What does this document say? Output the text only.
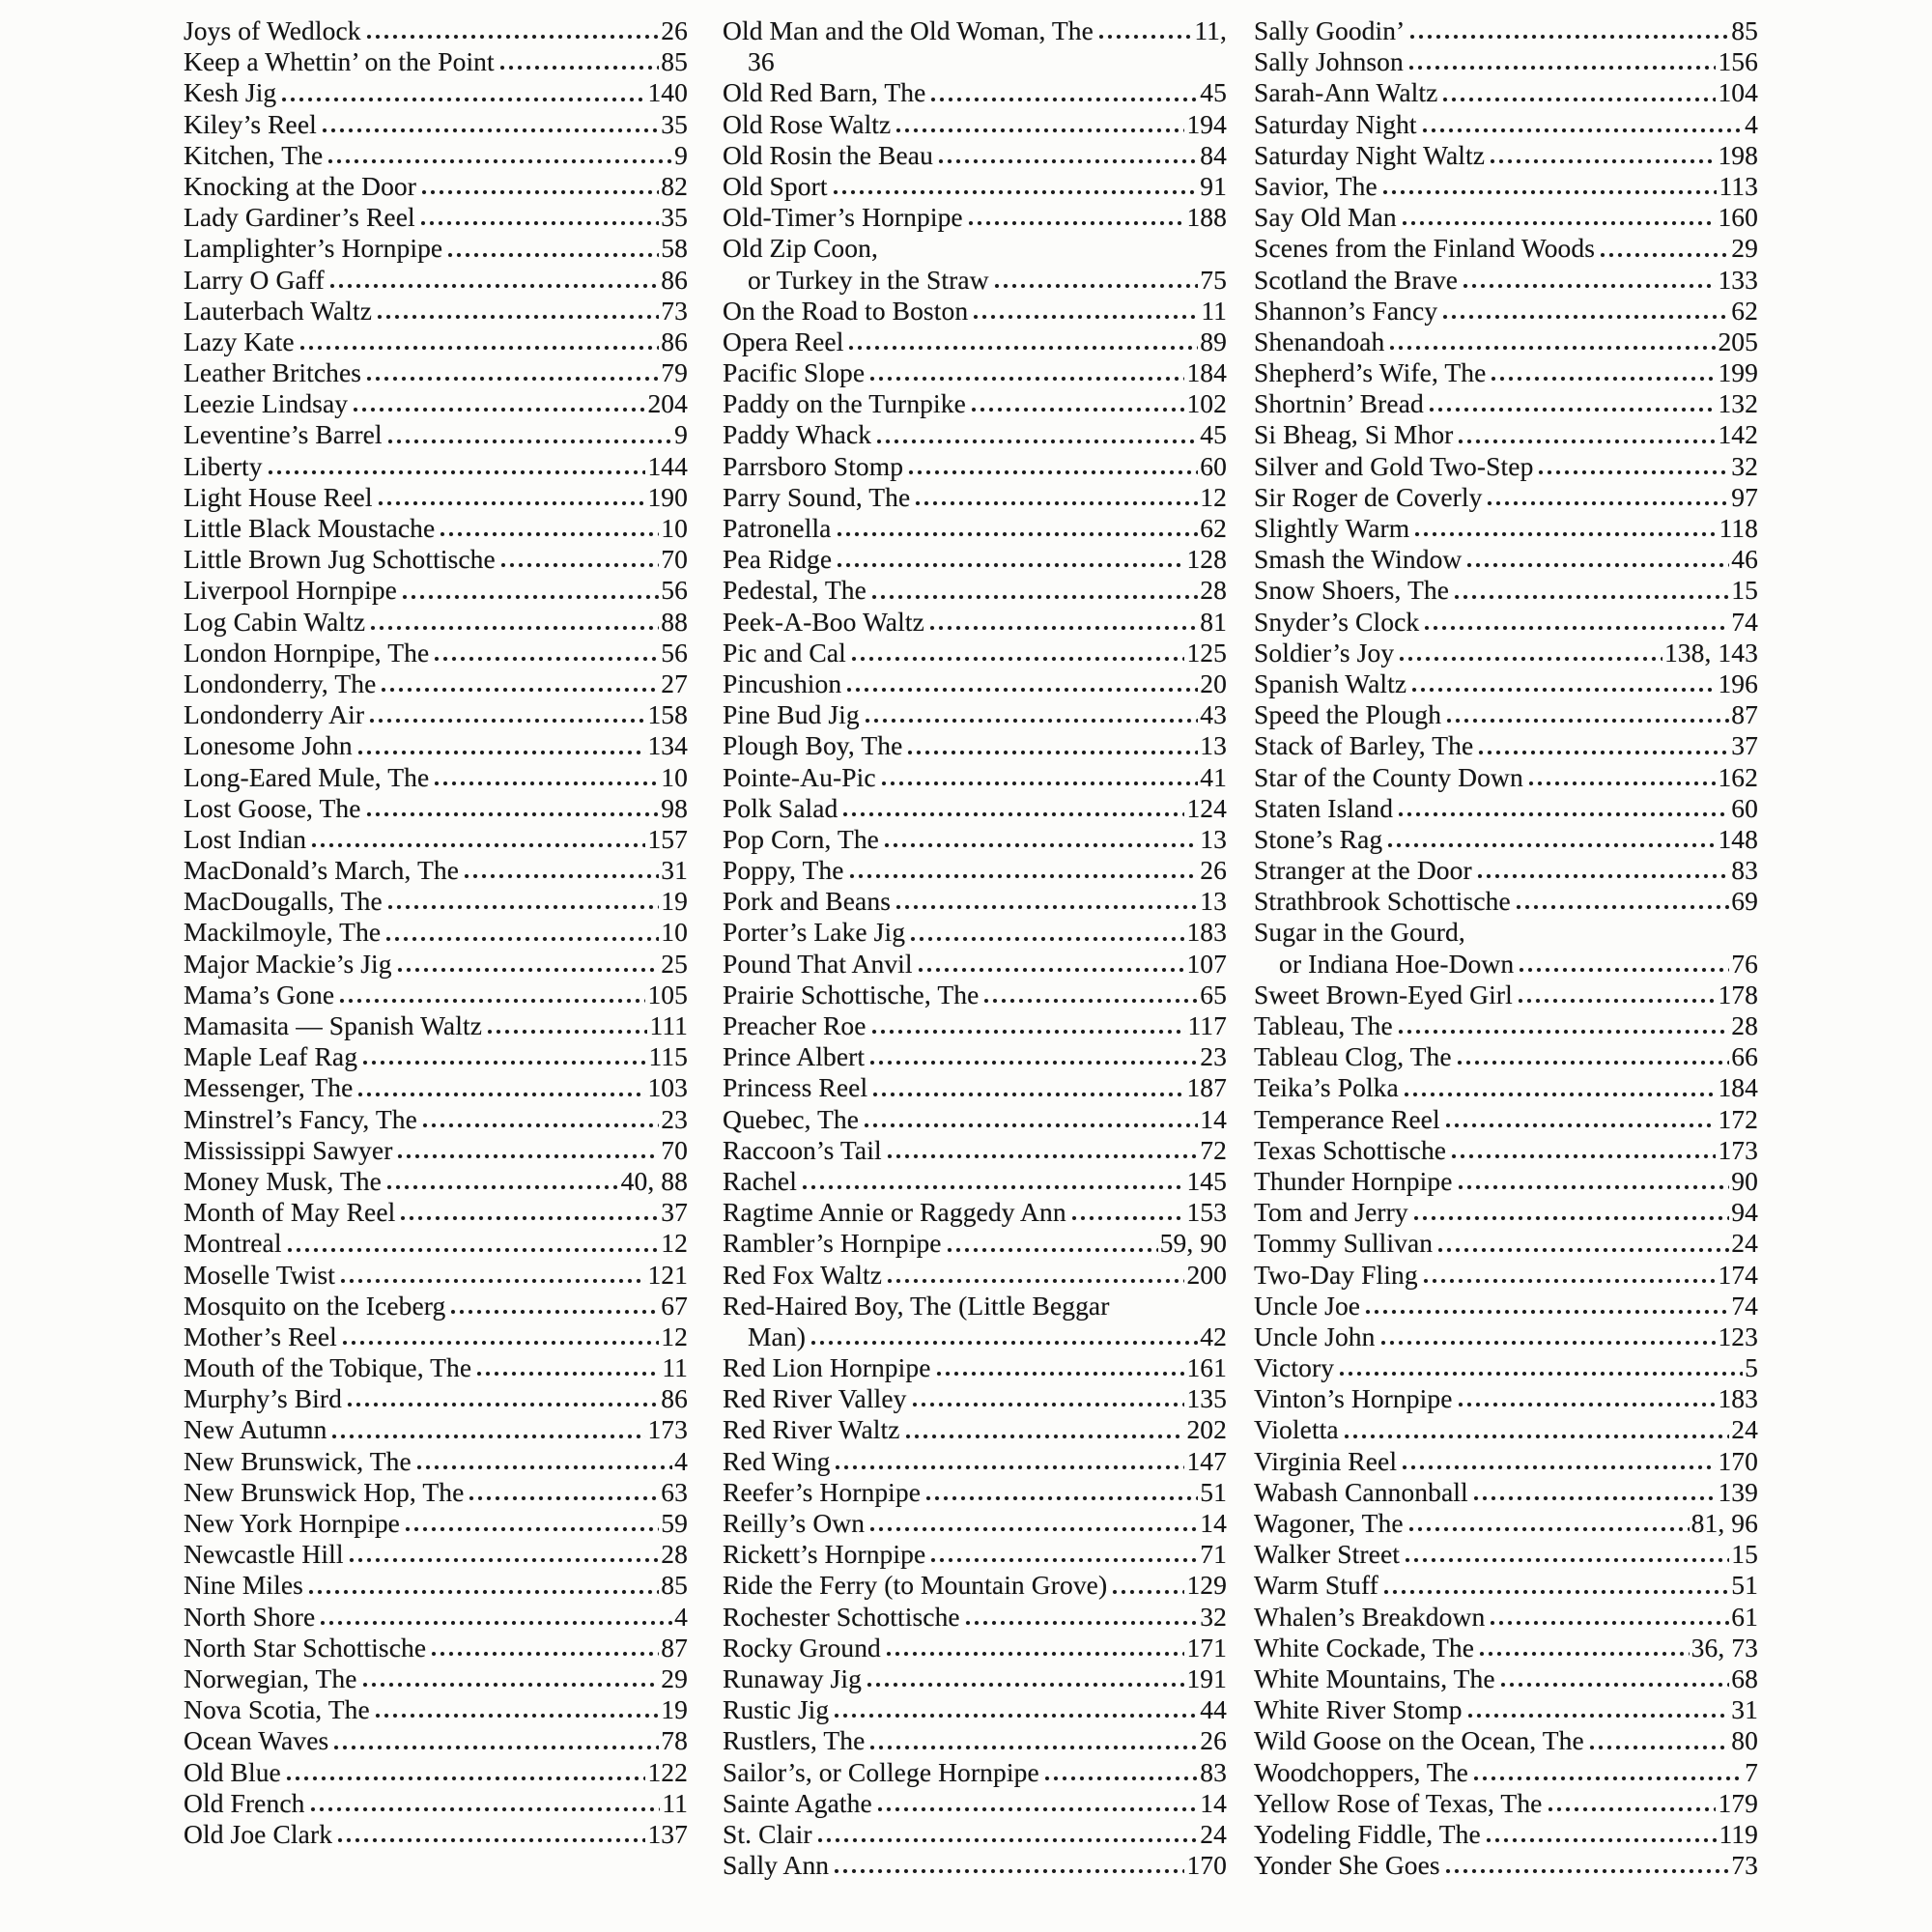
Joys of Wedlock	26
Keep a Whettin’ on the Point	85
Kesh Jig	140
Kiley’s Reel	35
Kitchen, The	9
Knocking at the Door	82
Lady Gardiner’s Reel	35
Lamplighter’s Hornpipe	58
Larry O Gaff	86
Lauterbach Waltz	73
Lazy Kate	86
Leather Britches	79
Leezie Lindsay	204
Leventine’s Barrel	9
Liberty	144
Light House Reel	190
Little Black Moustache	10
Little Brown Jug Schottische	70
Liverpool Hornpipe	56
Log Cabin Waltz	88
London Hornpipe, The	56
Londonderry, The	27
Londonderry Air	158
Lonesome John	134
Long-Eared Mule, The	10
Lost Goose, The	98
Lost Indian	157
MacDonald’s March, The	31
MacDougalls, The	19
Mackilmoyle, The	10
Major Mackie’s Jig	25
Mama’s Gone	105
Mamasita — Spanish Waltz	111
Maple Leaf Rag	115
Messenger, The	103
Minstrel’s Fancy, The	23
Mississippi Sawyer	70
Money Musk, The	40, 88
Month of May Reel	37
Montreal	12
Moselle Twist	121
Mosquito on the Iceberg	67
Mother’s Reel	12
Mouth of the Tobique, The	11
Murphy’s Bird	86
New Autumn	173
New Brunswick, The	4
New Brunswick Hop, The	63
New York Hornpipe	59
Newcastle Hill	28
Nine Miles	85
North Shore	4
North Star Schottische	87
Norwegian, The	29
Nova Scotia, The	19
Ocean Waves	78
Old Blue	122
Old French	11
Old Joe Clark	137
Old Man and the Old Woman, The	11,
36
Old Red Barn, The	45
Old Rose Waltz	194
Old Rosin the Beau	84
Old Sport	91
Old-Timer’s Hornpipe	188
Old Zip Coon,
or Turkey in the Straw	75
On the Road to Boston	11
Opera Reel	89
Pacific Slope	184
Paddy on the Turnpike	102
Paddy Whack	45
Parrsboro Stomp	60
Parry Sound, The	12
Patronella	62
Pea Ridge	128
Pedestal, The	28
Peek-A-Boo Waltz	81
Pic and Cal	125
Pincushion	20
Pine Bud Jig	43
Plough Boy, The	13
Pointe-Au-Pic	41
Polk Salad	124
Pop Corn, The	13
Poppy, The	26
Pork and Beans	13
Porter’s Lake Jig	183
Pound That Anvil	107
Prairie Schottische, The	65
Preacher Roe	117
Prince Albert	23
Princess Reel	187
Quebec, The	14
Raccoon’s Tail	72
Rachel	145
Ragtime Annie or Raggedy Ann	153
Rambler’s Hornpipe	59, 90
Red Fox Waltz	200
Red-Haired Boy, The (Little Beggar
Man)	42
Red Lion Hornpipe	161
Red River Valley	135
Red River Waltz	202
Red Wing	147
Reefer’s Hornpipe	51
Reilly’s Own	14
Rickett’s Hornpipe	71
Ride the Ferry (to Mountain Grove)	129
Rochester Schottische	32
Rocky Ground	171
Runaway Jig	191
Rustic Jig	44
Rustlers, The	26
Sailor’s, or College Hornpipe	83
Sainte Agathe	14
St. Clair	24
Sally Ann	170
Sally Goodin’	85
Sally Johnson	156
Sarah-Ann Waltz	104
Saturday Night	4
Saturday Night Waltz	198
Savior, The	113
Say Old Man	160
Scenes from the Finland Woods	29
Scotland the Brave	133
Shannon’s Fancy	62
Shenandoah	205
Shepherd’s Wife, The	199
Shortnin’ Bread	132
Si Bheag, Si Mhor	142
Silver and Gold Two-Step	32
Sir Roger de Coverly	97
Slightly Warm	118
Smash the Window	46
Snow Shoers, The	15
Snyder’s Clock	74
Soldier’s Joy	138, 143
Spanish Waltz	196
Speed the Plough	87
Stack of Barley, The	37
Star of the County Down	162
Staten Island	60
Stone’s Rag	148
Stranger at the Door	83
Strathbrook Schottische	69
Sugar in the Gourd,
or Indiana Hoe-Down	76
Sweet Brown-Eyed Girl	178
Tableau, The	28
Tableau Clog, The	66
Teika’s Polka	184
Temperance Reel	172
Texas Schottische	173
Thunder Hornpipe	90
Tom and Jerry	94
Tommy Sullivan	24
Two-Day Fling	174
Uncle Joe	74
Uncle John	123
Victory	5
Vinton’s Hornpipe	183
Violetta	24
Virginia Reel	170
Wabash Cannonball	139
Wagoner, The	81, 96
Walker Street	15
Warm Stuff	51
Whalen’s Breakdown	61
White Cockade, The	36, 73
White Mountains, The	68
White River Stomp	31
Wild Goose on the Ocean, The	80
Woodchoppers, The	7
Yellow Rose of Texas, The	179
Yodeling Fiddle, The	119
Yonder She Goes	73
